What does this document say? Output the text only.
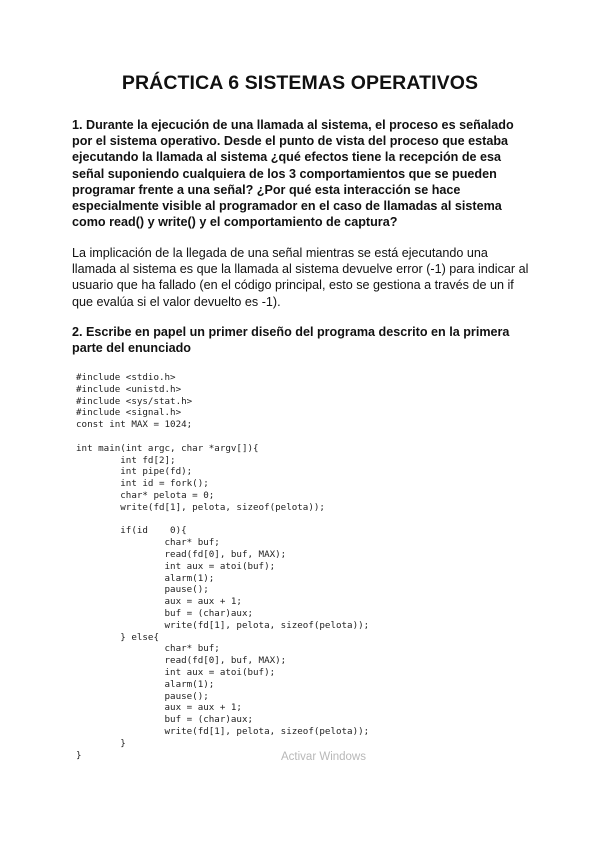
PRÁCTICA 6 SISTEMAS OPERATIVOS
1. Durante la ejecución de una llamada al sistema, el proceso es señalado por el sistema operativo. Desde el punto de vista del proceso que estaba ejecutando la llamada al sistema ¿qué efectos tiene la recepción de esa señal suponiendo cualquiera de los 3 comportamientos que se pueden programar frente a una señal? ¿Por qué esta interacción se hace especialmente visible al programador en el caso de llamadas al sistema como read() y write() y el comportamiento de captura?
La implicación de la llegada de una señal mientras se está ejecutando una llamada al sistema es que la llamada al sistema devuelve error (-1) para indicar al usuario que ha fallado (en el código principal, esto se gestiona a través de un if que evalúa si el valor devuelto es -1).
2. Escribe en papel un primer diseño del programa descrito en la primera parte del enunciado
#include <stdio.h>
#include <unistd.h>
#include <sys/stat.h>
#include <signal.h>
const int MAX = 1024;

int main(int argc, char *argv[]){
int fd[2];
int pipe(fd);
int id = fork();
char* pelota = 0;
write(fd[1], pelota, sizeof(pelota));

if(id    0){
char* buf;
read(fd[0], buf, MAX);
int aux = atoi(buf);
alarm(1);
pause();
aux = aux + 1;
buf = (char)aux;
write(fd[1], pelota, sizeof(pelota));
} else{
char* buf;
read(fd[0], buf, MAX);
int aux = atoi(buf);
alarm(1);
pause();
aux = aux + 1;
buf = (char)aux;
write(fd[1], pelota, sizeof(pelota));
}
}	Activar Windows
